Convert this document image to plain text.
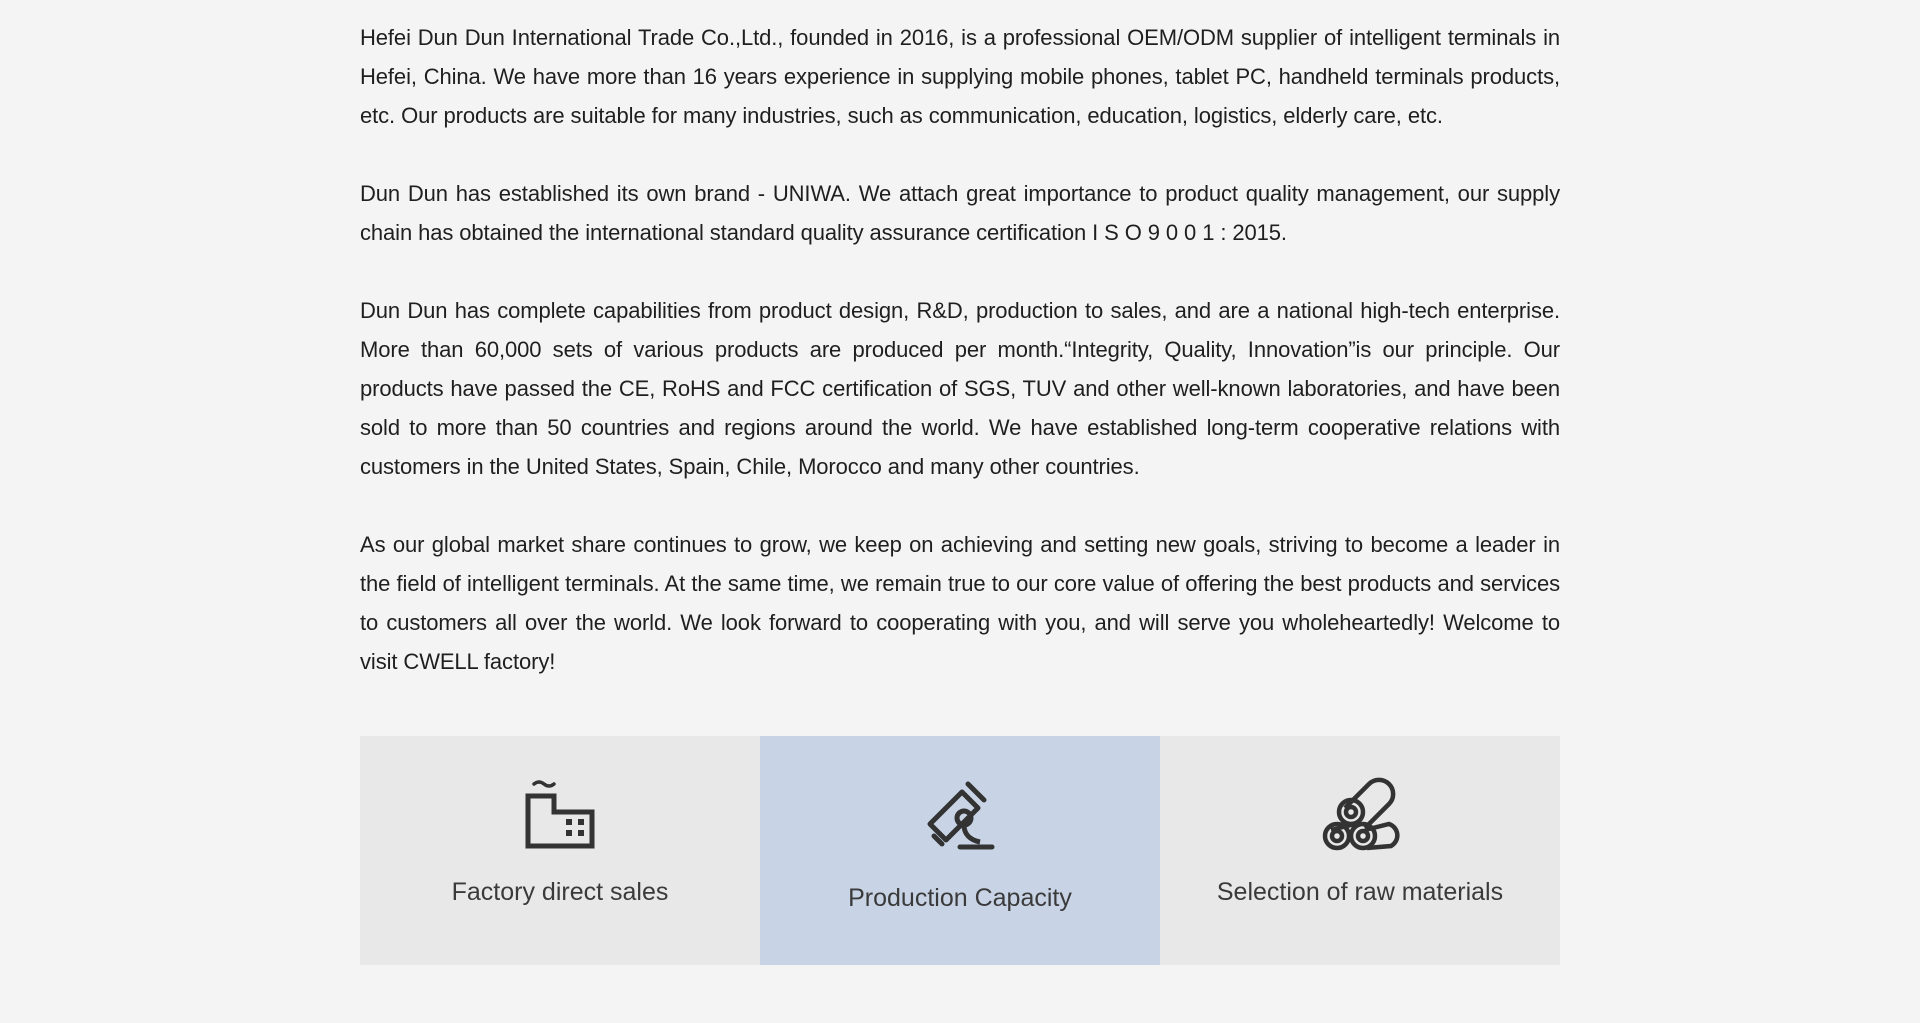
Hefei Dun Dun International Trade Co.,Ltd., founded in 2016, is a professional OEM/ODM supplier of intelligent terminals in Hefei, China. We have more than 16 years experience in supplying mobile phones, tablet PC, handheld terminals products, etc. Our products are suitable for many industries, such as communication, education, logistics, elderly care, etc.

Dun Dun has established its own brand - UNIWA. We attach great importance to product quality management, our supply chain has obtained the international standard quality assurance certification I S O 9 0 0 1 : 2015.

Dun Dun has complete capabilities from product design, R&D, production to sales, and are a national high-tech enterprise. More than 60,000 sets of various products are produced per month.“Integrity, Quality, Innovation”is our principle. Our products have passed the CE, RoHS and FCC certification of SGS, TUV and other well-known laboratories, and have been sold to more than 50 countries and regions around the world. We have established long-term cooperative relations with customers in the United States, Spain, Chile, Morocco and many other countries.

As our global market share continues to grow, we keep on achieving and setting new goals, striving to become a leader in the field of intelligent terminals. At the same time, we remain true to our core value of offering the best products and services to customers all over the world. We look forward to cooperating with you, and will serve you wholeheartedly! Welcome to visit CWELL factory!

Factory direct sales	Production Capacity	Selection of raw materials
